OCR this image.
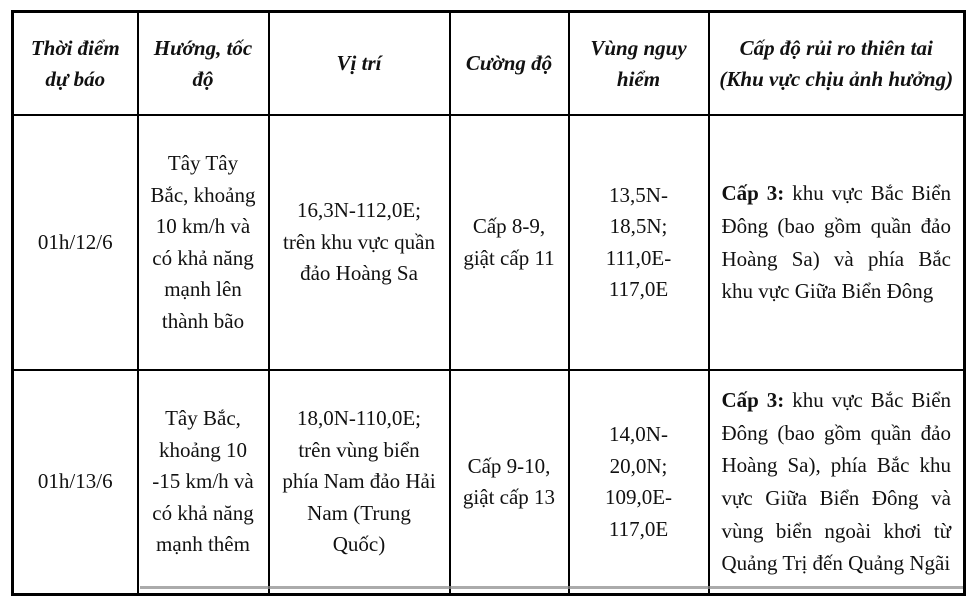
Thời điểm dự báo	Hướng, tốc độ	Vị trí	Cường độ	Vùng nguy hiểm	Cấp độ rủi ro thiên tai (Khu vực chịu ảnh hưởng)
01h/12/6	Tây Tây Bắc, khoảng 10 km/h và có khả năng mạnh lên thành bão	16,3N-112,0E; trên khu vực quần đảo Hoàng Sa	Cấp 8-9, giật cấp 11	13,5N-18,5N; 111,0E-117,0E	Cấp 3: khu vực Bắc Biển Đông (bao gồm quần đảo Hoàng Sa) và phía Bắc khu vực Giữa Biển Đông
01h/13/6	Tây Bắc, khoảng 10 -15 km/h và có khả năng mạnh thêm	18,0N-110,0E; trên vùng biển phía Nam đảo Hải Nam (Trung Quốc)	Cấp 9-10, giật cấp 13	14,0N-20,0N; 109,0E-117,0E	Cấp 3: khu vực Bắc Biển Đông (bao gồm quần đảo Hoàng Sa), phía Bắc khu vực Giữa Biển Đông và vùng biển ngoài khơi từ Quảng Trị đến Quảng Ngãi
